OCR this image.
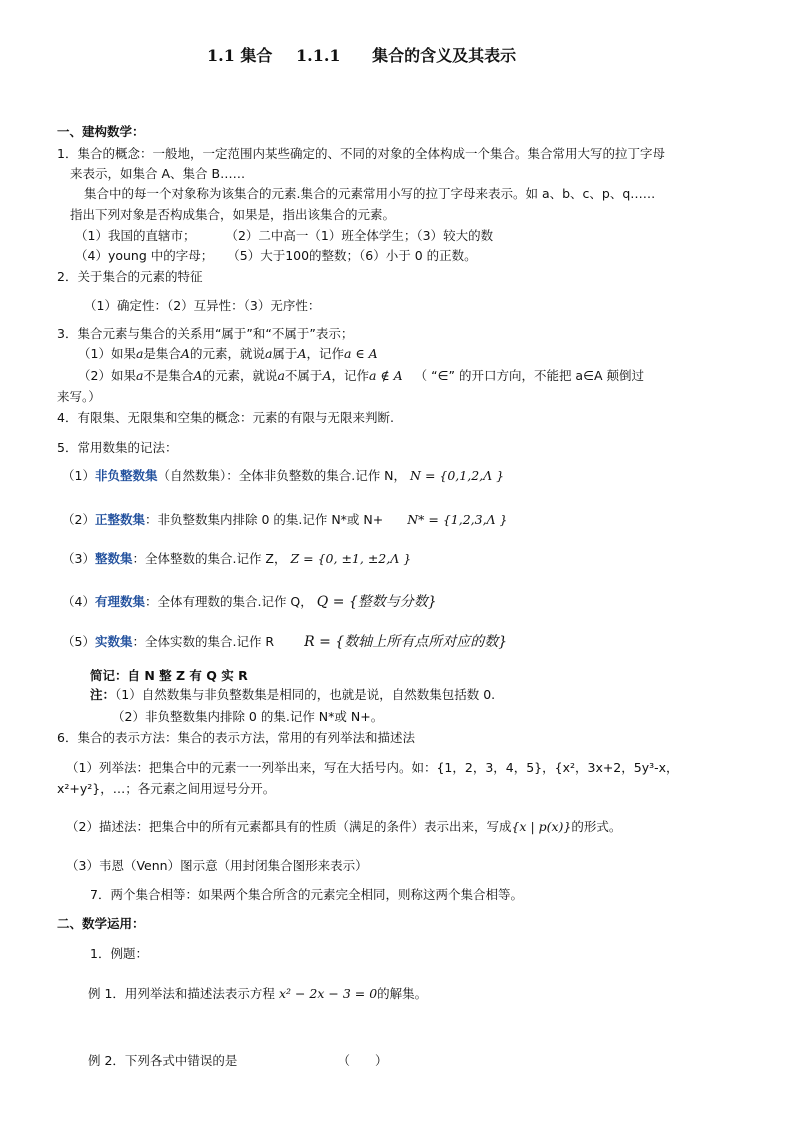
1.1 集合 1.1.1 集合的含义及其表示
一、建构数学：
1．集合的概念：一般地，一定范围内某些确定的、不同的对象的全体构成一个集合。集合常用大写的拉丁字母
来表示，如集合 A、集合 B……
集合中的每一个对象称为该集合的元素.集合的元素常用小写的拉丁字母来表示。如 a、b、c、p、q……
指出下列对象是否构成集合，如果是，指出该集合的元素。
（1）我国的直辖市； （2）二中高一（1）班全体学生；（3）较大的数
（4）young 中的字母； （5）大于100的整数；（6）小于 0 的正数。
2．关于集合的元素的特征
（1）确定性：（2）互异性：（3）无序性：
3．集合元素与集合的关系用“属于”和“不属于”表示；
（1）如果a是集合A的元素，就说a属于A，记作a ∈ A
（2）如果a不是集合A的元素，就说a不属于A，记作a ∉ A （ “∈” 的开口方向，不能把 a∈A 颠倒过
来写。）
4．有限集、无限集和空集的概念：元素的有限与无限来判断.
5．常用数集的记法：
（1）非负整数集（自然数集）：全体非负整数的集合.记作 N， N = {0,1,2,Λ }
（2）正整数集：非负整数集内排除 0 的集.记作 N*或 N+ N* = {1,2,3,Λ }
（3）整数集：全体整数的集合.记作 Z， Z = {0, ±1, ±2,Λ }
（4）有理数集：全体有理数的集合.记作 Q， Q = {整数与分数}
（5）实数集：全体实数的集合.记作 R R = {数轴上所有点所对应的数}
简记：自 N 整 Z 有 Q 实 R
注：（1）自然数集与非负整数集是相同的，也就是说，自然数集包括数 0.
（2）非负整数集内排除 0 的集.记作 N*或 N+。
6．集合的表示方法：集合的表示方法，常用的有列举法和描述法
（1）列举法：把集合中的元素一一列举出来，写在大括号内。如：{1，2，3，4，5}，{x²，3x+2，5y³-x，
x²+y²}，…；各元素之间用逗号分开。
（2）描述法：把集合中的所有元素都具有的性质（满足的条件）表示出来，写成{x | p(x)}的形式。
（3）韦恩（Venn）图示意（用封闭集合图形来表示）
7．两个集合相等：如果两个集合所含的元素完全相同，则称这两个集合相等。
二、数学运用：
1．例题：
例 1．用列举法和描述法表示方程 x² − 2x − 3 = 0的解集。
例 2．下列各式中错误的是	（　　）
